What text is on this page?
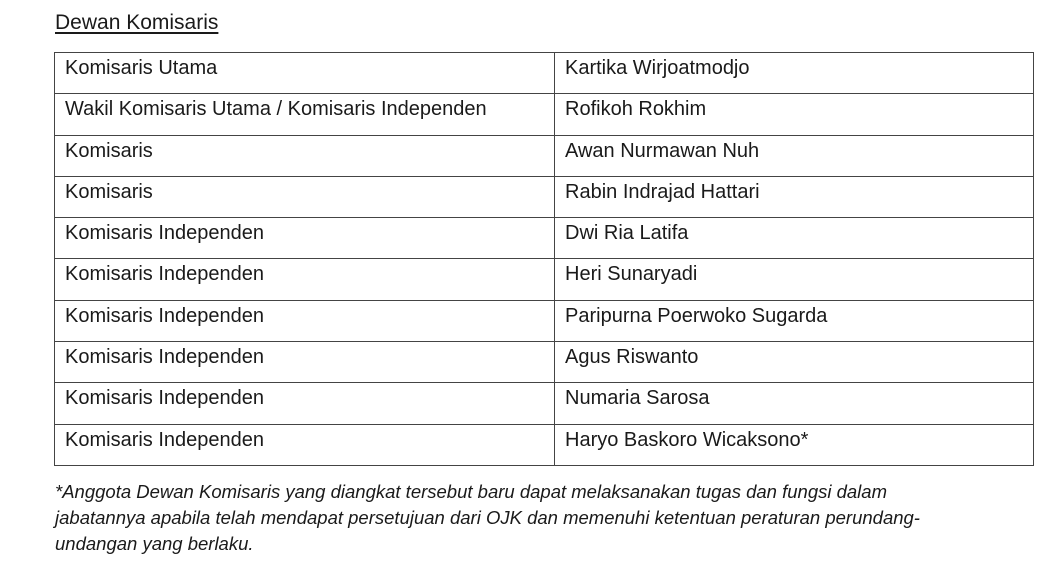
Dewan Komisaris
Komisaris Utama	Kartika Wirjoatmodjo
Wakil Komisaris Utama / Komisaris Independen	Rofikoh Rokhim
Komisaris	Awan Nurmawan Nuh
Komisaris	Rabin Indrajad Hattari
Komisaris Independen	Dwi Ria Latifa
Komisaris Independen	Heri Sunaryadi
Komisaris Independen	Paripurna Poerwoko Sugarda
Komisaris Independen	Agus Riswanto
Komisaris Independen	Numaria Sarosa
Komisaris Independen	Haryo Baskoro Wicaksono*
*Anggota Dewan Komisaris yang diangkat tersebut baru dapat melaksanakan tugas dan fungsi dalam
jabatannya apabila telah mendapat persetujuan dari OJK dan memenuhi ketentuan peraturan perundang-
undangan yang berlaku.
